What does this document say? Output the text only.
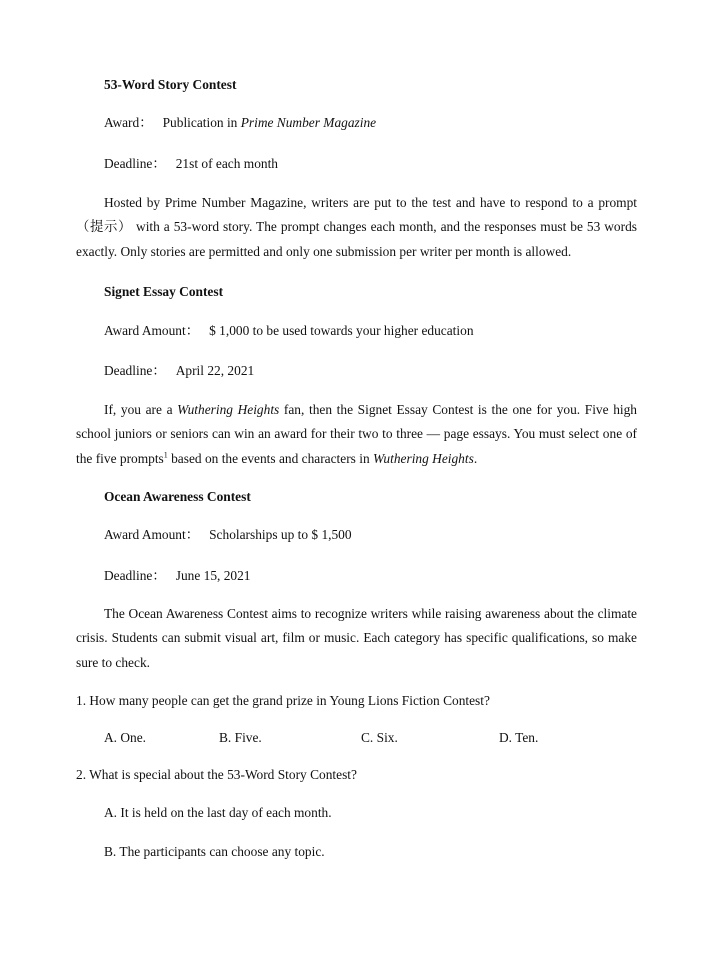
53-Word Story Contest
Award： Publication in Prime Number Magazine
Deadline： 21st of each month
Hosted by Prime Number Magazine, writers are put to the test and have to respond to a prompt （提示） with a 53-word story. The prompt changes each month, and the responses must be 53 words exactly. Only stories are permitted and only one submission per writer per month is allowed.
Signet Essay Contest
Award Amount： $ 1,000 to be used towards your higher education
Deadline： April 22, 2021
If, you are a Wuthering Heights fan, then the Signet Essay Contest is the one for you. Five high school juniors or seniors can win an award for their two to three — page essays. You must select one of the five prompts$^1$ based on the events and characters in Wuthering Heights.
Ocean Awareness Contest
Award Amount： Scholarships up to $ 1,500
Deadline： June 15, 2021
The Ocean Awareness Contest aims to recognize writers while raising awareness about the climate crisis. Students can submit visual art, film or music. Each category has specific qualifications, so make sure to check.
1. How many people can get the grand prize in Young Lions Fiction Contest?
A. One.	B. Five.	C. Six.	D. Ten.
2. What is special about the 53-Word Story Contest?
A. It is held on the last day of each month.
B. The participants can choose any topic.
